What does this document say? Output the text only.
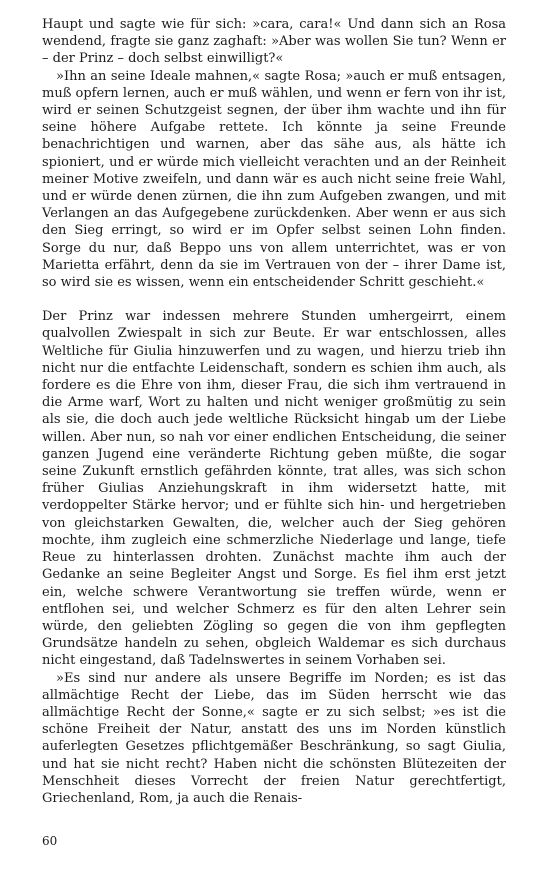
Haupt und sagte wie für sich: »cara, cara!« Und dann sich an Rosa wendend, fragte sie ganz zaghaft: »Aber was wollen Sie tun? Wenn er – der Prinz – doch selbst einwilligt?«

»Ihn an seine Ideale mahnen,« sagte Rosa; »auch er muß entsagen, muß opfern lernen, auch er muß wählen, und wenn er fern von ihr ist, wird er seinen Schutzgeist segnen, der über ihm wachte und ihn für seine höhere Aufgabe rettete. Ich könnte ja seine Freunde benachrichtigen und warnen, aber das sähe aus, als hätte ich spioniert, und er würde mich vielleicht verachten und an der Reinheit meiner Motive zweifeln, und dann wär es auch nicht seine freie Wahl, und er würde denen zürnen, die ihn zum Aufgeben zwangen, und mit Verlangen an das Aufgegebene zurückdenken. Aber wenn er aus sich den Sieg erringt, so wird er im Opfer selbst seinen Lohn finden. Sorge du nur, daß Beppo uns von allem unterrichtet, was er von Marietta erfährt, denn da sie im Vertrauen von der – ihrer Dame ist, so wird sie es wissen, wenn ein entscheidender Schritt geschieht.«

Der Prinz war indessen mehrere Stunden umhergeirrt, einem qualvollen Zwiespalt in sich zur Beute. Er war entschlossen, alles Weltliche für Giulia hinzuwerfen und zu wagen, und hierzu trieb ihn nicht nur die entfachte Leidenschaft, sondern es schien ihm auch, als fordere es die Ehre von ihm, dieser Frau, die sich ihm vertrauend in die Arme warf, Wort zu halten und nicht weniger großmütig zu sein als sie, die doch auch jede weltliche Rücksicht hingab um der Liebe willen. Aber nun, so nah vor einer endlichen Entscheidung, die seiner ganzen Jugend eine veränderte Richtung geben müßte, die sogar seine Zukunft ernstlich gefährden könnte, trat alles, was sich schon früher Giulias Anziehungskraft in ihm widersetzt hatte, mit verdoppelter Stärke hervor; und er fühlte sich hin- und hergetrieben von gleichstarken Gewalten, die, welcher auch der Sieg gehören mochte, ihm zugleich eine schmerzliche Niederlage und lange, tiefe Reue zu hinterlassen drohten. Zunächst machte ihm auch der Gedanke an seine Begleiter Angst und Sorge. Es fiel ihm erst jetzt ein, welche schwere Verantwortung sie treffen würde, wenn er entflohen sei, und welcher Schmerz es für den alten Lehrer sein würde, den geliebten Zögling so gegen die von ihm gepflegten Grundsätze handeln zu sehen, obgleich Waldemar es sich durchaus nicht eingestand, daß Tadelnswertes in seinem Vorhaben sei.

»Es sind nur andere als unsere Begriffe im Norden; es ist das allmächtige Recht der Liebe, das im Süden herrscht wie das allmächtige Recht der Sonne,« sagte er zu sich selbst; »es ist die schöne Freiheit der Natur, anstatt des uns im Norden künstlich auferlegten Gesetzes pflichtgemäßer Beschränkung, so sagt Giulia, und hat sie nicht recht? Haben nicht die schönsten Blütezeiten der Menschheit dieses Vorrecht der freien Natur gerechtfertigt, Griechenland, Rom, ja auch die Renais-

60
